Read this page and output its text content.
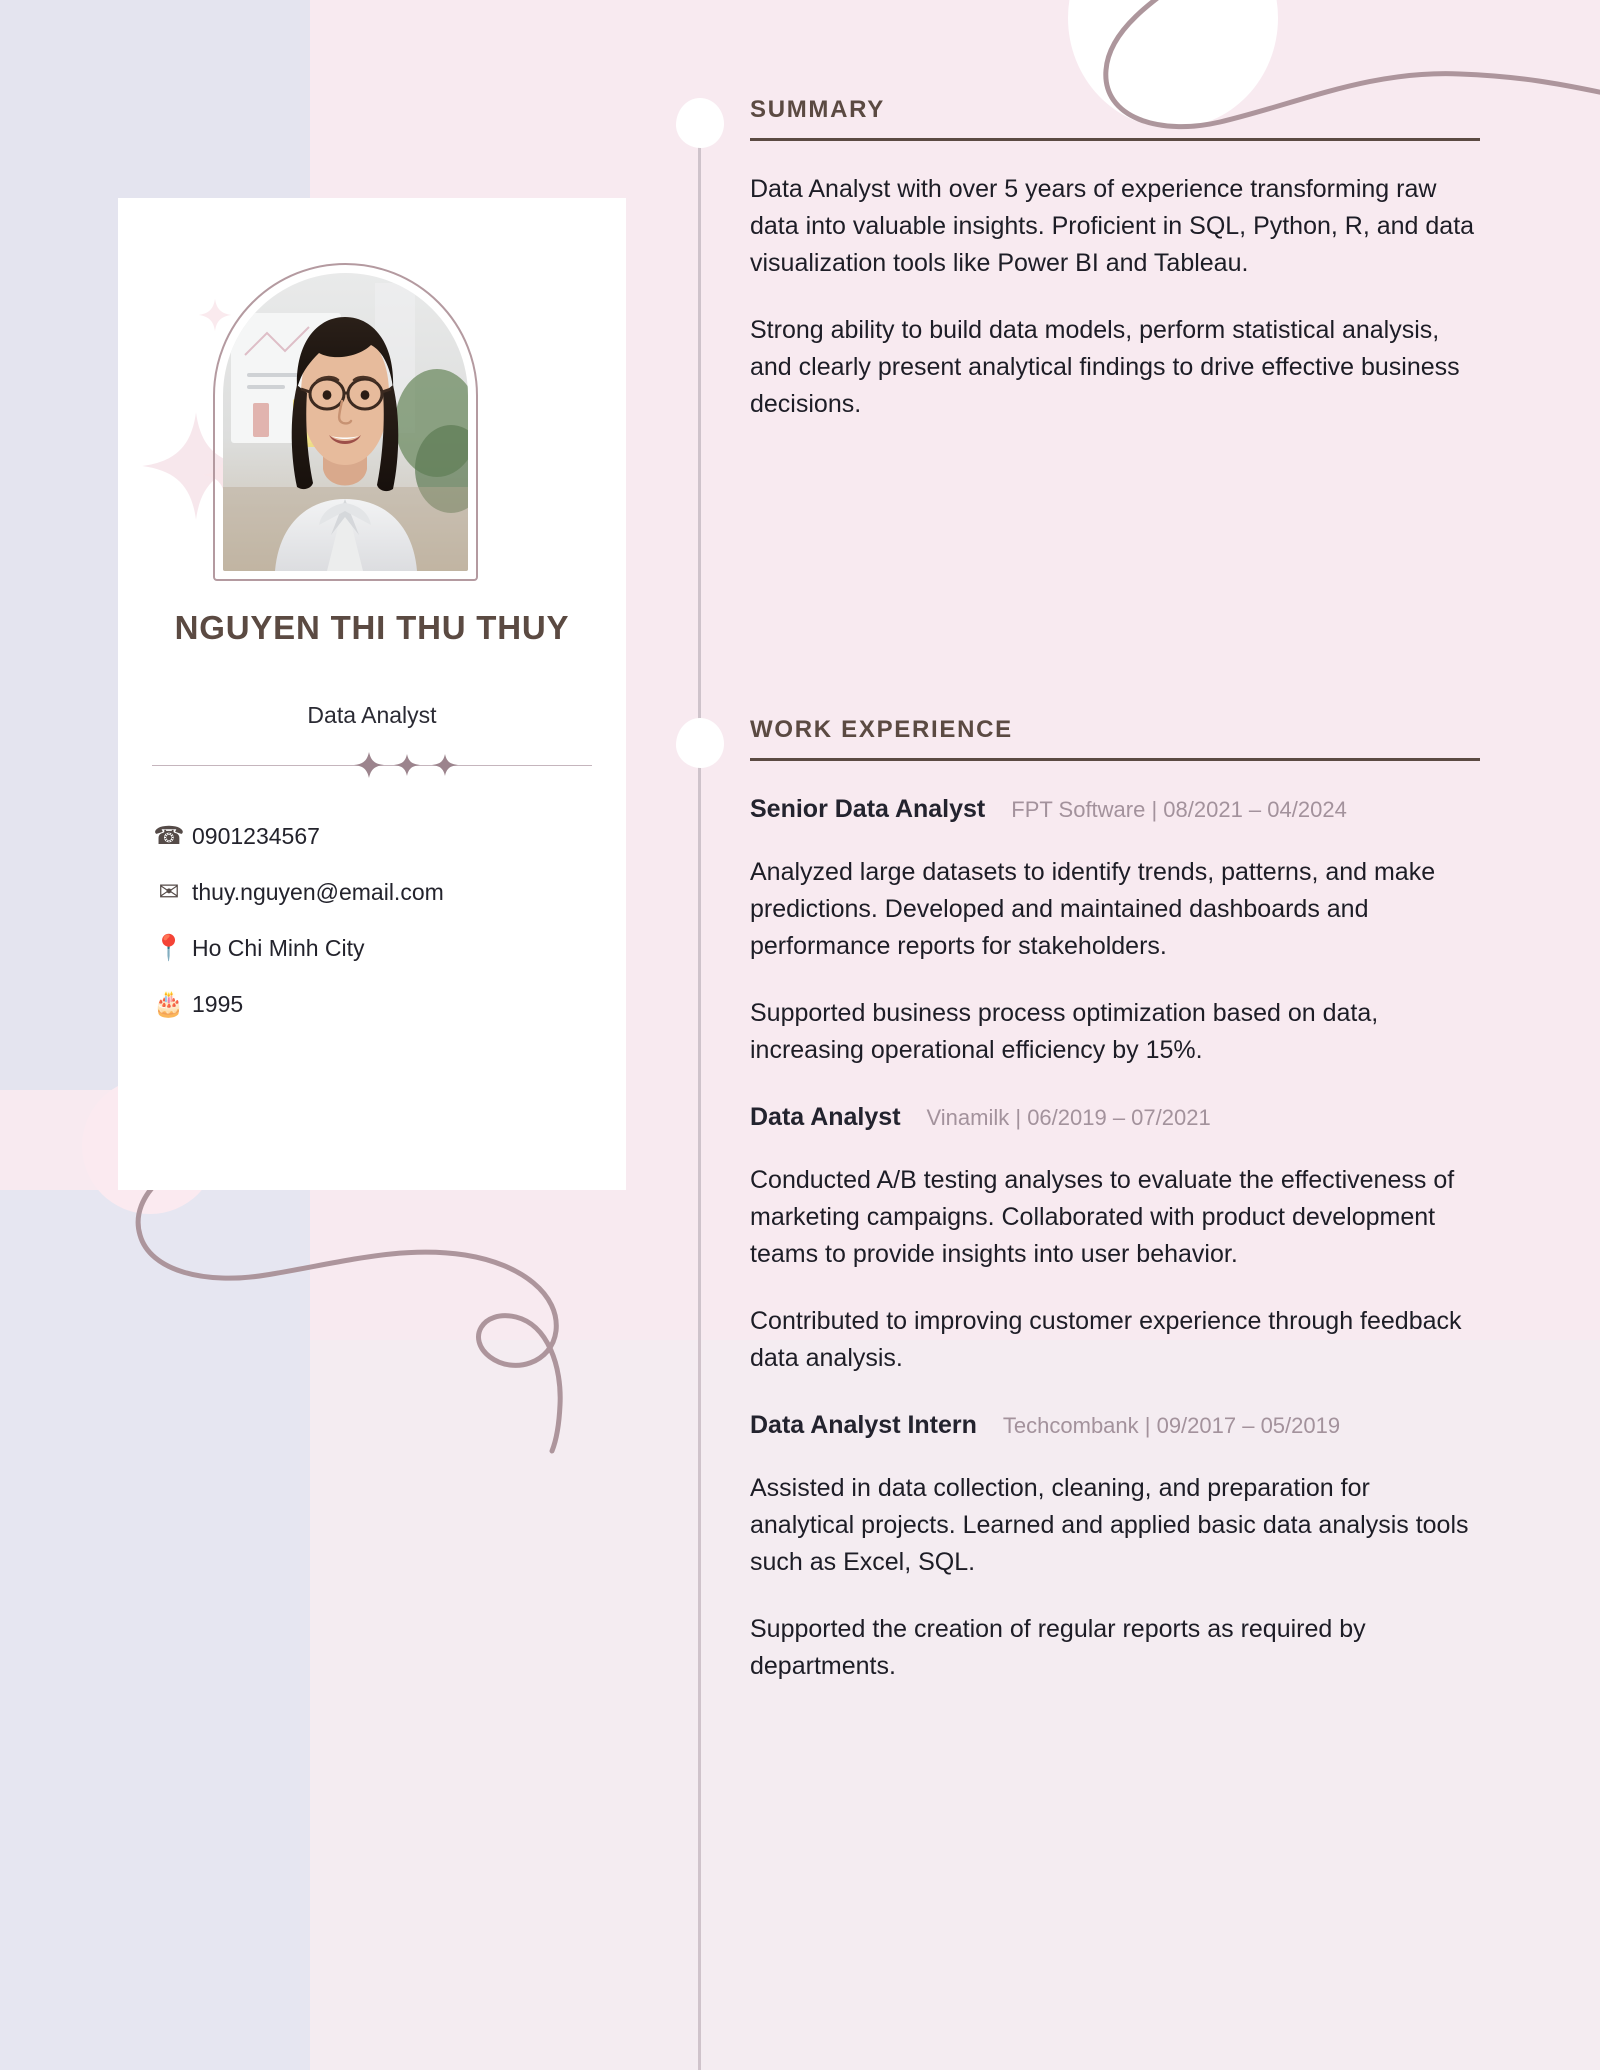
NGUYEN THI THU THUY
Data Analyst
☎ 0901234567
✉ thuy.nguyen@email.com
📍 Ho Chi Minh City
🎂 1995
SUMMARY
Data Analyst with over 5 years of experience transforming raw data into valuable insights. Proficient in SQL, Python, R, and data visualization tools like Power BI and Tableau.
Strong ability to build data models, perform statistical analysis, and clearly present analytical findings to drive effective business decisions.
WORK EXPERIENCE
Senior Data Analyst FPT Software | 08/2021 – 04/2024
Analyzed large datasets to identify trends, patterns, and make predictions. Developed and maintained dashboards and performance reports for stakeholders.
Supported business process optimization based on data, increasing operational efficiency by 15%.
Data Analyst Vinamilk | 06/2019 – 07/2021
Conducted A/B testing analyses to evaluate the effectiveness of marketing campaigns. Collaborated with product development teams to provide insights into user behavior.
Contributed to improving customer experience through feedback data analysis.
Data Analyst Intern Techcombank | 09/2017 – 05/2019
Assisted in data collection, cleaning, and preparation for analytical projects. Learned and applied basic data analysis tools such as Excel, SQL.
Supported the creation of regular reports as required by departments.
